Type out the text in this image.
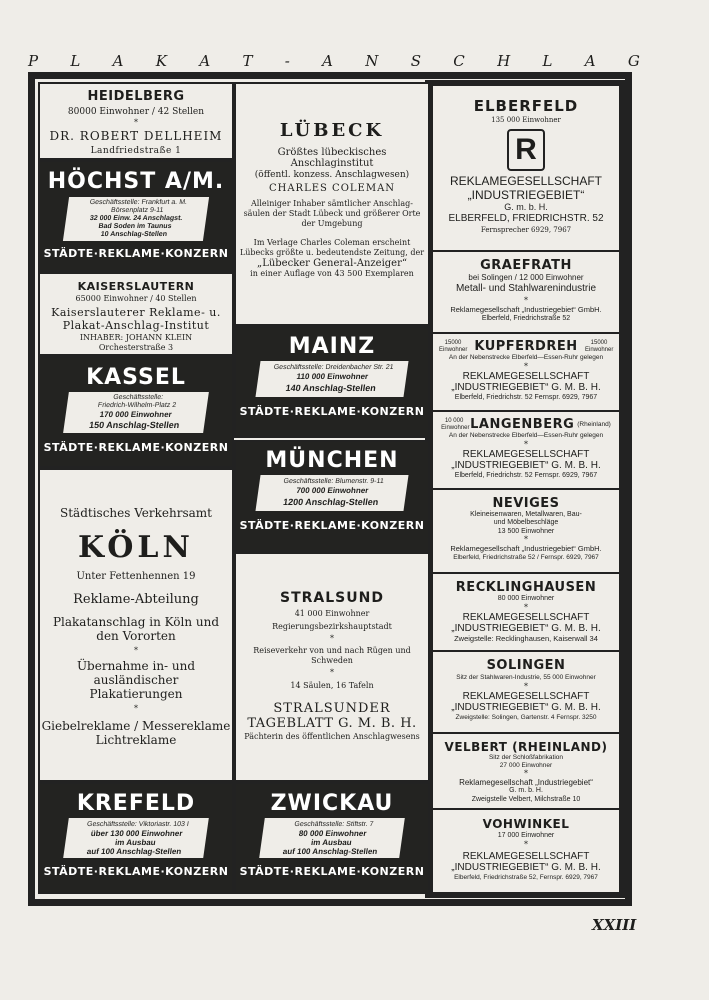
P L A K A T - A N S C H L A G
HEIDELBERG
80000 Einwohner / 42 Stellen
*
DR. ROBERT DELLHEIM
Landfriedstraße 1
HÖCHST A/M.
Geschäftsstelle: Frankfurt a. M.
Börsenplatz 9-11
32 000 Einw. 24 Anschlagst.
Bad Soden im Taunus
10 Anschlag-Stellen
STÄDTE·REKLAME·KONZERN
KAISERSLAUTERN
65000 Einwohner / 40 Stellen
Kaiserslauterer Reklame- u.
Plakat-Anschlag-Institut
INHABER: JOHANN KLEIN
Orchesterstraße 3
KASSEL
Geschäftsstelle:
Friedrich-Wilhelm-Platz 2
170 000 Einwohner
150 Anschlag-Stellen
STÄDTE·REKLAME·KONZERN
Städtisches Verkehrsamt
KÖLN
Unter Fettenhennen 19
Reklame-Abteilung
Plakatanschlag in Köln und
den Vororten
*
Übernahme in- und ausländischer
Plakatierungen
*
Giebelreklame / Messereklame
Lichtreklame
KREFELD
Geschäftsstelle: Viktoriastr. 103 I
über 130 000 Einwohner
im Ausbau
auf 100 Anschlag-Stellen
STÄDTE·REKLAME·KONZERN
LÜBECK
Größtes lübeckisches Anschlaginstitut
(öffentl. konzess. Anschlagwesen)
CHARLES COLEMAN
Alleiniger Inhaber sämtlicher Anschlag-
säulen der Stadt Lübeck und größerer Orte
der Umgebung
Im Verlage Charles Coleman erscheint
Lübecks größte u. bedeutendste Zeitung, der
„Lübecker General-Anzeiger“
in einer Auflage von 43 500 Exemplaren
MAINZ
Geschäftsstelle: Dreidenbacher Str. 21
110 000 Einwohner
140 Anschlag-Stellen
STÄDTE·REKLAME·KONZERN
MÜNCHEN
Geschäftsstelle: Blumenstr. 9-11
700 000 Einwohner
1200 Anschlag-Stellen
STÄDTE·REKLAME·KONZERN
STRALSUND
41 000 Einwohner
Regierungsbezirkshauptstadt
*
Reiseverkehr von und nach Rügen und
Schweden
*
14 Säulen, 16 Tafeln
STRALSUNDER
TAGEBLATT G. M. B. H.
Pächterin des öffentlichen Anschlagwesens
ZWICKAU
Geschäftsstelle: Stiftstr. 7
80 000 Einwohner
im Ausbau
auf 100 Anschlag-Stellen
STÄDTE·REKLAME·KONZERN
ELBERFELD
135 000 Einwohner
R
REKLAMEGESELLSCHAFT
„INDUSTRIEGEBIET“
G. m. b. H.
ELBERFELD, FRIEDRICHSTR. 52
Fernsprecher 6929, 7967
GRAEFRATH
bei Solingen / 12 000 Einwohner
Metall- und Stahlwarenindustrie
*
Reklamegesellschaft „Industriegebiet“ GmbH.
Elberfeld, Friedrichstraße 52
15000 Einwohner KUPFERDREH	15000 Einwohner
An der Nebenstrecke Elberfeld—Essen-Ruhr gelegen
*
REKLAMEGESELLSCHAFT
„INDUSTRIEGEBIET“ G. M. B. H.
Elberfeld, Friedrichstr. 52 Fernspr. 6929, 7967
10 000 Einwohner LANGENBERG (Rheinland)
An der Nebenstrecke Elberfeld—Essen-Ruhr gelegen
*
REKLAMEGESELLSCHAFT
„INDUSTRIEGEBIET“ G. M. B. H.
Elberfeld, Friedrichstr. 52 Fernspr. 6929, 7967
NEVIGES
Kleineisenwaren, Metallwaren, Bau-
und Möbelbeschläge
13 500 Einwohner
*
Reklamegesellschaft „Industriegebiet“ GmbH.
Elberfeld, Friedrichstraße 52 / Fernspr. 6929, 7967
RECKLINGHAUSEN
80 000 Einwohner
*
REKLAMEGESELLSCHAFT
„INDUSTRIEGEBIET“ G. M. B. H.
Zweigstelle: Recklinghausen, Kaiserwall 34
SOLINGEN
Sitz der Stahlwaren-Industrie, 55 000 Einwohner
*
REKLAMEGESELLSCHAFT
„INDUSTRIEGEBIET“ G. M. B. H.
Zweigstelle: Solingen, Gartenstr. 4 Fernspr. 3250
VELBERT (RHEINLAND)
Sitz der Schloßfabrikation
27 000 Einwohner
*
Reklamegesellschaft „Industriegebiet“
G. m. b. H.
Zweigstelle Velbert, Milchstraße 10
VOHWINKEL
17 000 Einwohner
*
REKLAMEGESELLSCHAFT
„INDUSTRIEGEBIET“ G. M. B. H.
Elberfeld, Friedrichstraße 52, Fernspr. 6929, 7967
XXIII
